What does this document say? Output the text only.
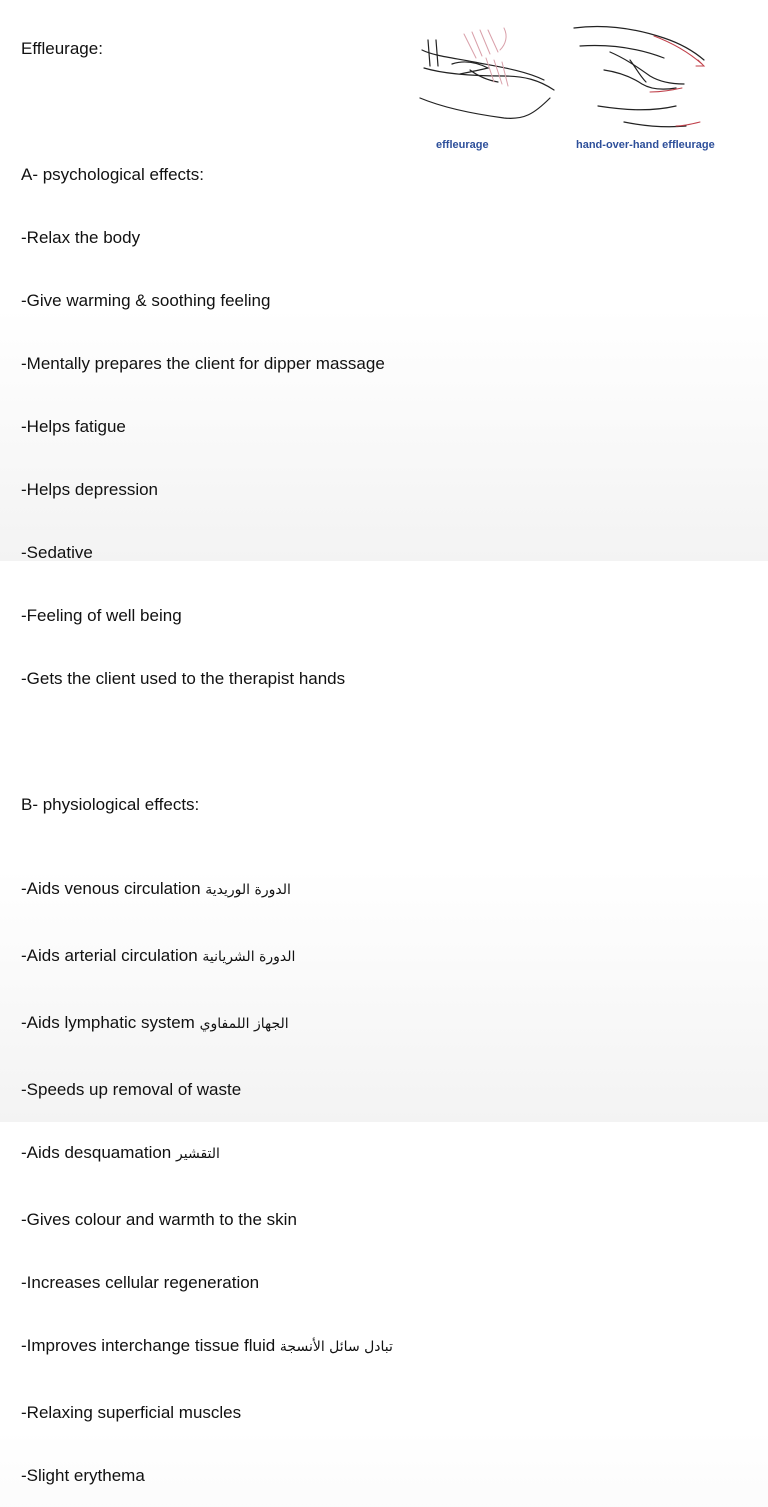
Effleurage:

A- psychological effects:

-Relax the body

-Give warming & soothing feeling

-Mentally prepares the client for dipper massage

-Helps fatigue

-Helps depression

-Sedative

-Feeling of well being

-Gets the client used to the therapist hands

B- physiological effects:

-Aids venous circulation الدورة الوريدية

-Aids arterial circulation الدورة الشريانية

-Aids lymphatic system الجهاز اللمفاوي

-Speeds up removal of waste

-Aids desquamation التقشير

-Gives colour and warmth to the skin

-Increases cellular regeneration

-Improves interchange tissue fluid تبادل سائل الأنسجة

-Relaxing superficial muscles

-Slight erythema

effleurage	hand-over-hand effleurage
